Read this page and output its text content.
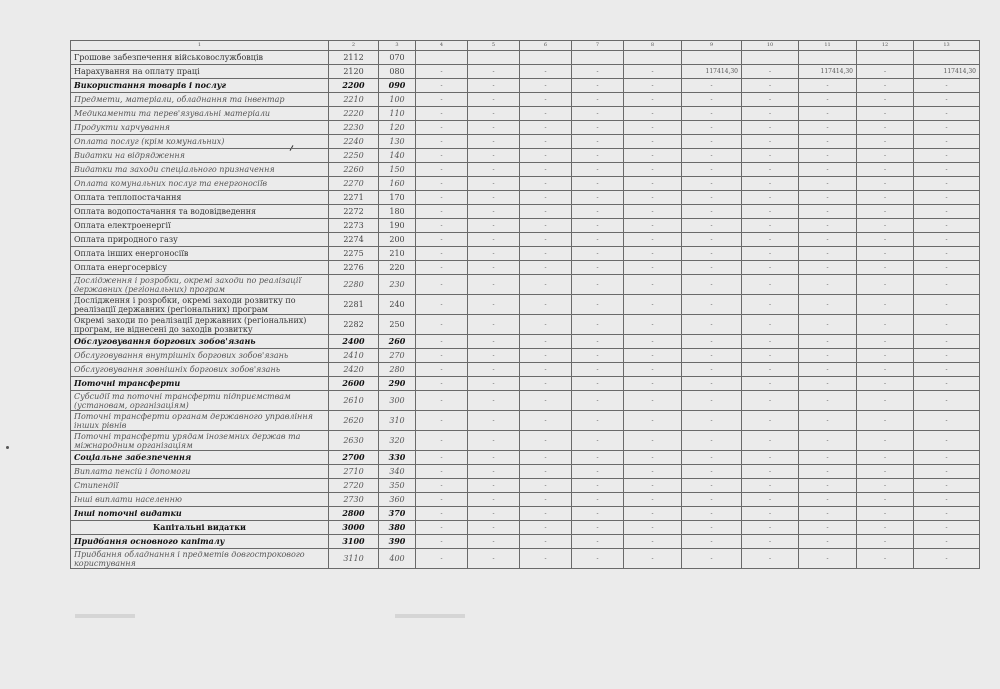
1	2	3	4	5	6	7	8	9	10	11	12	13
Грошове забезпечення військовослужбовців	2112	070										
Нарахування на оплату праці	2120	080	-	-	-	-	-	117414,30	-	117414,30	-	117414,30
Використання товарів і послуг	2200	090	-	-	-	-	-	-	-	-	-	-
Предмети, матеріали, обладнання та інвентар	2210	100	-	-	-	-	-	-	-	-	-	-
Медикаменти та перев'язувальні матеріали	2220	110	-	-	-	-	-	-	-	-	-	-
Продукти харчування	2230	120	-	-	-	-	-	-	-	-	-	-
Оплата послуг (крім комунальних)	2240	130	-	-	-	-	-	-	-	-	-	-
Видатки на відрядження	2250	140	-	-	-	-	-	-	-	-	-	-
Видатки та заходи спеціального призначення	2260	150	-	-	-	-	-	-	-	-	-	-
Оплата комунальних послуг та енергоносіїв	2270	160	-	-	-	-	-	-	-	-	-	-
Оплата теплопостачання	2271	170	-	-	-	-	-	-	-	-	-	-
Оплата водопостачання та водовідведення	2272	180	-	-	-	-	-	-	-	-	-	-
Оплата електроенергії	2273	190	-	-	-	-	-	-	-	-	-	-
Оплата природного газу	2274	200	-	-	-	-	-	-	-	-	-	-
Оплата інших енергоносіїв	2275	210	-	-	-	-	-	-	-	-	-	-
Оплата енергосервісу	2276	220	-	-	-	-	-	-	-	-	-	-
Дослідження і розробки, окремі заходи по реалізації державних (регіональних) програм	2280	230	-	-	-	-	-	-	-	-	-	-
Дослідження і розробки, окремі заходи розвитку по реалізації державних (регіональних) програм	2281	240	-	-	-	-	-	-	-	-	-	-
Окремі заходи по реалізації державних (регіональних) програм, не віднесені до заходів розвитку	2282	250	-	-	-	-	-	-	-	-	-	-
Обслуговування боргових зобов'язань	2400	260	-	-	-	-	-	-	-	-	-	-
Обслуговування внутрішніх боргових зобов'язань	2410	270	-	-	-	-	-	-	-	-	-	-
Обслуговування зовнішніх боргових зобов'язань	2420	280	-	-	-	-	-	-	-	-	-	-
Поточні трансферти	2600	290	-	-	-	-	-	-	-	-	-	-
Субсидії та поточні трансферти підприємствам (установам, організаціям)	2610	300	-	-	-	-	-	-	-	-	-	-
Поточні трансферти органам державного управління інших рівнів	2620	310	-	-	-	-	-	-	-	-	-	-
Поточні трансферти урядам іноземних держав та міжнародним організаціям	2630	320	-	-	-	-	-	-	-	-	-	-
Соціальне забезпечення	2700	330	-	-	-	-	-	-	-	-	-	-
Виплата пенсій і допомоги	2710	340	-	-	-	-	-	-	-	-	-	-
Стипендії	2720	350	-	-	-	-	-	-	-	-	-	-
Інші виплати населенню	2730	360	-	-	-	-	-	-	-	-	-	-
Інші поточні видатки	2800	370	-	-	-	-	-	-	-	-	-	-
Капітальні видатки	3000	380	-	-	-	-	-	-	-	-	-	-
Придбання основного капіталу	3100	390	-	-	-	-	-	-	-	-	-	-
Придбання обладнання і предметів довгострокового користування	3110	400	-	-	-	-	-	-	-	-	-	-
